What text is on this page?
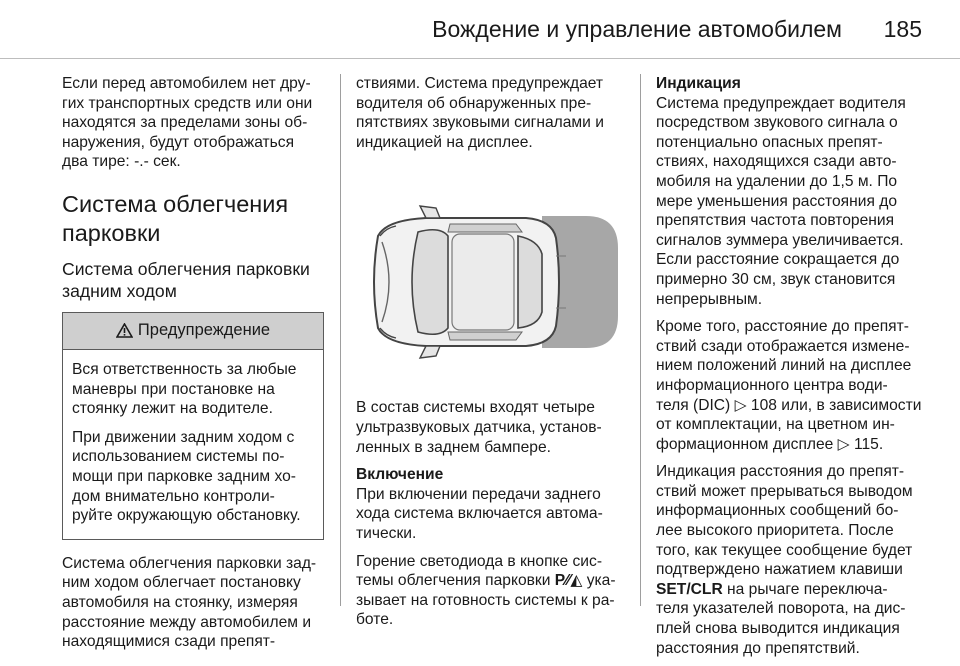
Вождение и управление автомобилем 185

Если перед автомобилем нет дру- гих транспортных средств или они находятся за пределами зоны об- наружения, будут отображаться два тире: -.- сек.

Система облегчения парковки
Система облегчения парковки задним ходом
Предупреждение

Вся ответственность за любые маневры при постановке на стоянку лежит на водителе.

При движении задним ходом с использованием системы по- мощи при парковке задним хо- дом внимательно контроли- руйте окружающую обстановку.

Система облегчения парковки зад- ним ходом облегчает постановку автомобиля на стоянку, измеряя расстояние между автомобилем и находящимися сзади препят-

ствиями. Система предупреждает водителя об обнаруженных пре- пятствиях звуковыми сигналами и индикацией на дисплее.

В состав системы входят четыре ультразвуковых датчика, установ- ленных в заднем бампере.

Включение

При включении передачи заднего хода система включается автома- тически.

Горение светодиода в кнопке сис- темы облегчения парковки P⁄⁄◭ ука- зывает на готовность системы к ра- боте.

Индикация

Система предупреждает водителя посредством звукового сигнала о потенциально опасных препят- ствиях, находящихся сзади авто- мобиля на удалении до 1,5 м. По мере уменьшения расстояния до препятствия частота повторения сигналов зуммера увеличивается. Если расстояние сокращается до примерно 30 см, звук становится непрерывным.

Кроме того, расстояние до препят- ствий сзади отображается измене- нием положений линий на дисплее информационного центра води- теля (DIC) ▷ 108 или, в зависимости от комплектации, на цветном ин- формационном дисплее ▷ 115.

Индикация расстояния до препят- ствий может прерываться выводом информационных сообщений бо- лее высокого приоритета. После того, как текущее сообщение будет подтверждено нажатием клавиши SET/CLR на рычаге переключа- теля указателей поворота, на дис- плей снова выводится индикация расстояния до препятствий.
